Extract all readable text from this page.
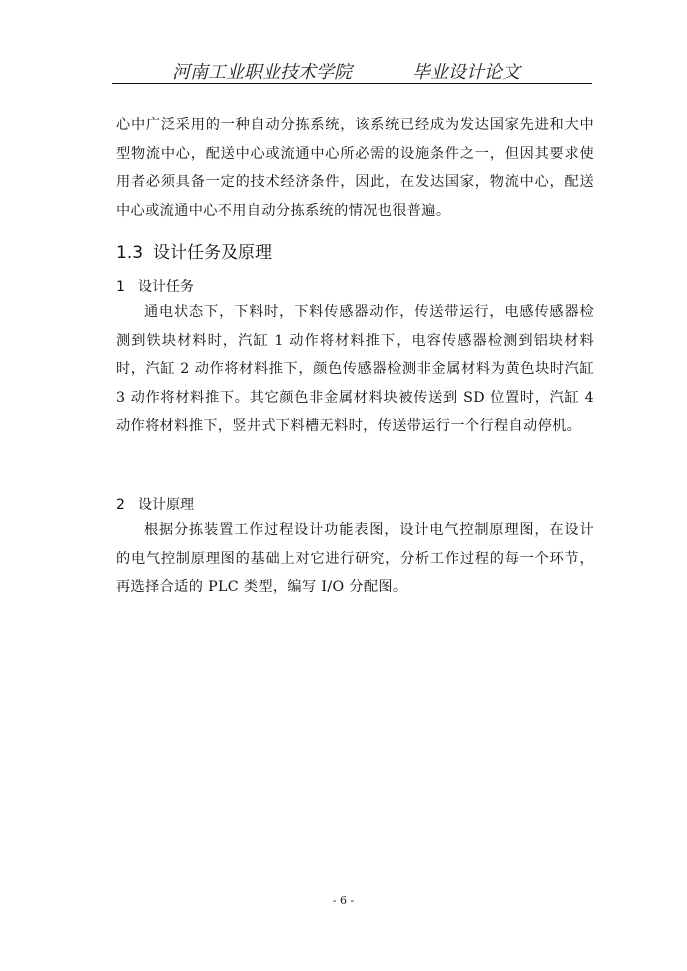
河南工业职业技术学院	毕业设计论文

心中广泛采用的一种自动分拣系统，该系统已经成为发达国家先进和大中型物流中心，配送中心或流通中心所必需的设施条件之一，但因其要求使用者必须具备一定的技术经济条件，因此，在发达国家，物流中心，配送中心或流通中心不用自动分拣系统的情况也很普遍。

1.3 设计任务及原理
1 设计任务

通电状态下，下料时，下料传感器动作，传送带运行，电感传感器检测到铁块材料时，汽缸 1 动作将材料推下，电容传感器检测到铝块材料时，汽缸 2 动作将材料推下，颜色传感器检测非金属材料为黄色块时汽缸 3 动作将材料推下。其它颜色非金属材料块被传送到 SD 位置时，汽缸 4 动作将材料推下，竖井式下料槽无料时，传送带运行一个行程自动停机。

2 设计原理

根据分拣装置工作过程设计功能表图，设计电气控制原理图，在设计的电气控制原理图的基础上对它进行研究，分析工作过程的每一个环节，再选择合适的 PLC 类型，编写 I/O 分配图。

- 6 -
